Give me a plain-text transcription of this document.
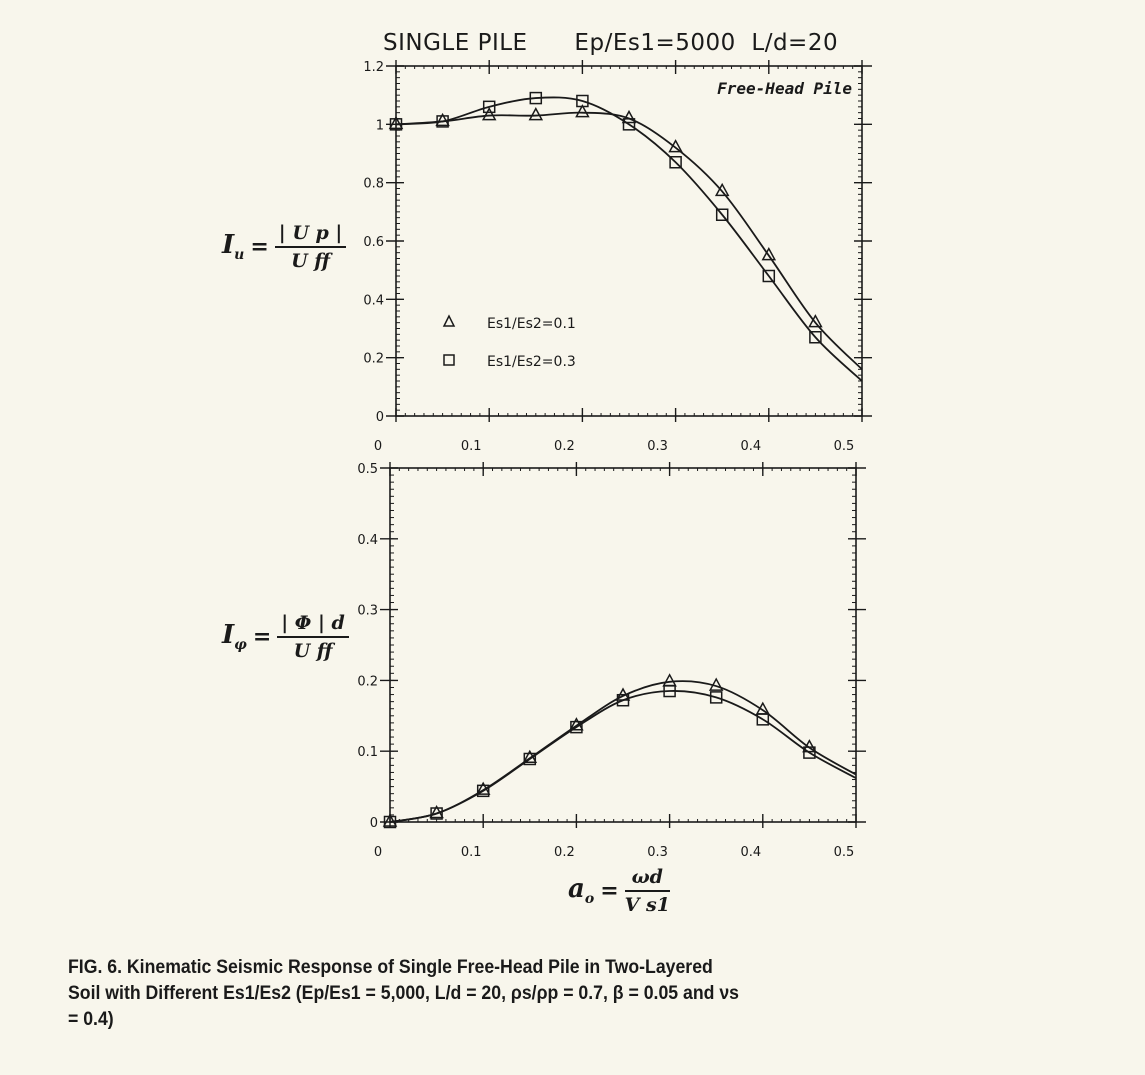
SINGLE PILE      Ep/Es1=5000  L/d=20
0	0.1	0.2	0.3	0.4	0.5
0
0.2
0.4
0.6
0.8
1
1.2
0	0.1	0.2	0.3	0.4	0.5
0
0.1
0.2
0.3
0.4
0.5
Free-Head Pile
Es1/Es2=0.1
Es1/Es2=0.3
$I_u = \frac{\text{| U p |}}{\text{U ff}}$
$I_\varphi = \frac{| \Phi | d}{\text{U ff}}$
$a_o = \frac{\omega d}{\text{V s1}}$
FIG. 6. Kinematic Seismic Response of Single Free-Head Pile in Two-Layered
Soil with Different Es1/Es2 (Ep/Es1 = 5,000, L/d = 20, ρs/ρp = 0.7, β = 0.05 and νs
= 0.4)
